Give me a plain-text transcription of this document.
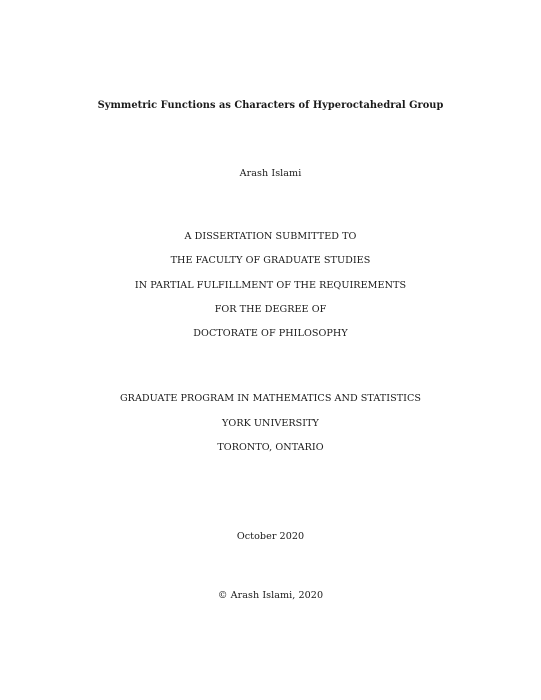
Symmetric Functions as Characters of Hyperoctahedral Group
Arash Islami
A DISSERTATION SUBMITTED TO
THE FACULTY OF GRADUATE STUDIES
IN PARTIAL FULFILLMENT OF THE REQUIREMENTS
FOR THE DEGREE OF
DOCTORATE OF PHILOSOPHY
GRADUATE PROGRAM IN MATHEMATICS AND STATISTICS
YORK UNIVERSITY
TORONTO, ONTARIO
October 2020
© Arash Islami, 2020
